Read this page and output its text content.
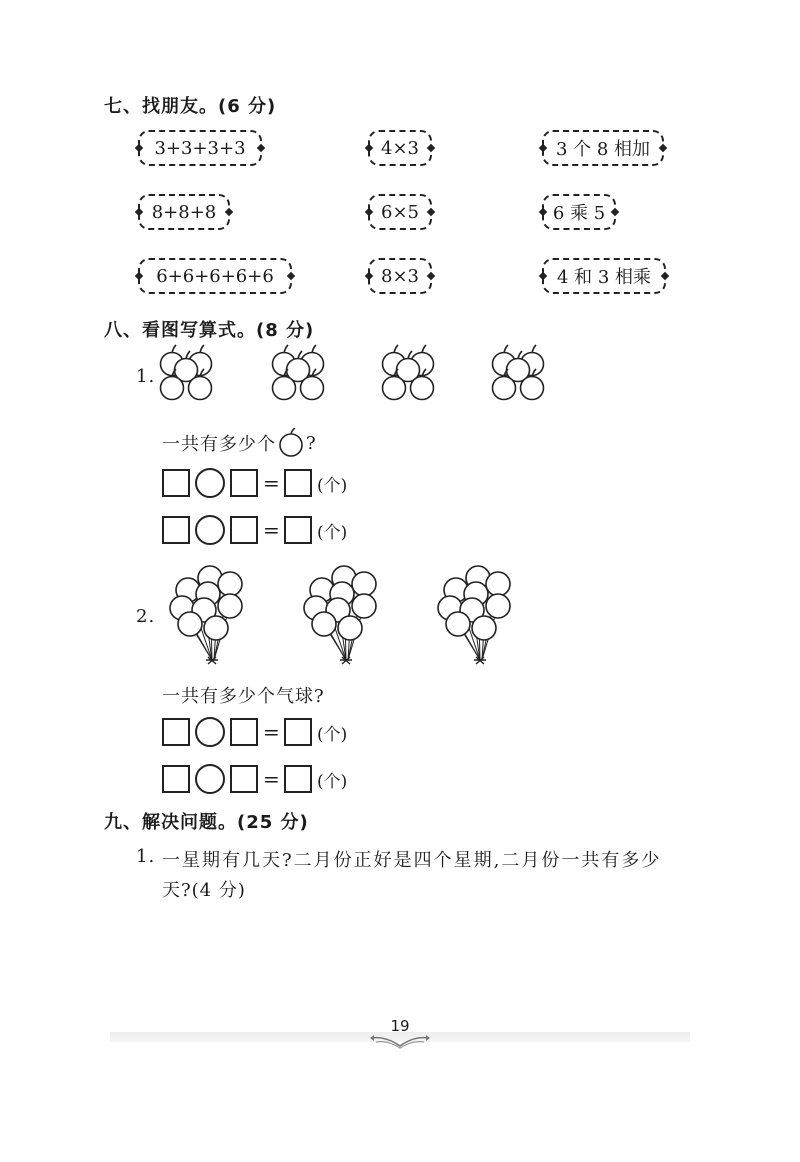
七、找朋友。(6 分)
3+3+3+3	4×3	3 个 8 相加
8+8+8	6×5	6 乘 5
6+6+6+6+6	8×3	4 和 3 相乘
八、看图写算式。(8 分)
1.
一共有多少个 ?
= (个)
= (个)
2.
一共有多少个气球?
= (个)
= (个)
九、解决问题。(25 分)
1. 一星期有几天?二月份正好是四个星期,二月份一共有多少
天?(4 分)
19
